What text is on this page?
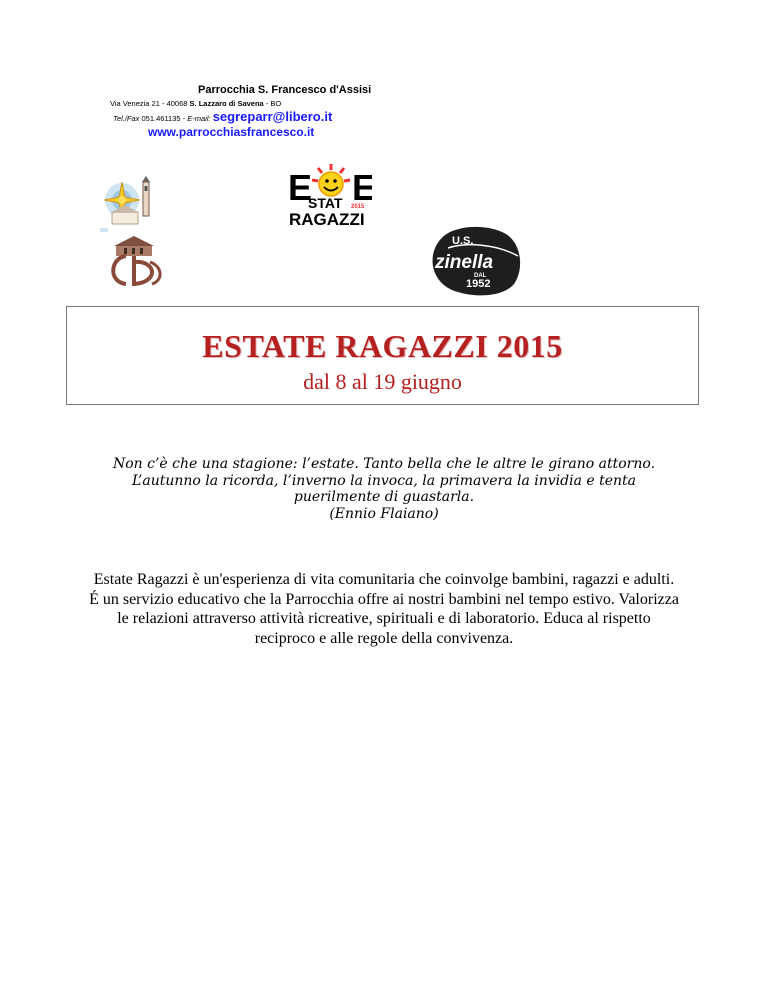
Parrocchia S. Francesco d'Assisi
Via Venezia 21 - 40068 S. Lazzaro di Savena - BO
Tel./Fax 051.461135 - E-mail: segreparr@libero.it
www.parrocchiasfrancesco.it
E E
STAT 2015
RAGAZZI
U.S.
zinella
DAL
1952
ESTATE RAGAZZI 2015
dal 8 al 19 giugno
Non c’è che una stagione: l’estate. Tanto bella che le altre le girano attorno.
L’autunno la ricorda, l’inverno la invoca, la primavera la invidia e tenta
puerilmente di guastarla.
(Ennio Flaiano)
Estate Ragazzi è un'esperienza di vita comunitaria che coinvolge bambini, ragazzi e adulti.
É un servizio educativo che la Parrocchia offre ai nostri bambini nel tempo estivo. Valorizza
le relazioni attraverso attività ricreative, spirituali e di laboratorio. Educa al rispetto
reciproco e alle regole della convivenza.
